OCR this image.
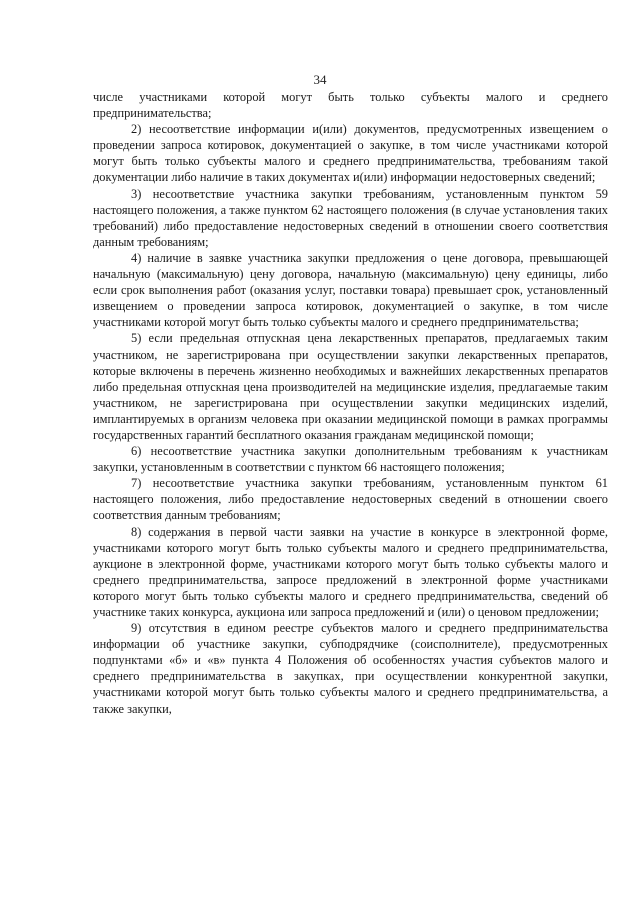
34

числе участниками которой могут быть только субъекты малого и среднего предпринимательства;

2) несоответствие информации и(или) документов, предусмотренных извещением о проведении запроса котировок, документацией о закупке, в том числе участниками которой могут быть только субъекты малого и среднего предпринимательства, требованиям такой документации либо наличие в таких документах и(или) информации недостоверных сведений;

3) несоответствие участника закупки требованиям, установленным пунктом 59 настоящего положения, а также пунктом 62 настоящего положения (в случае установления таких требований) либо предоставление недостоверных сведений в отношении своего соответствия данным требованиям;

4) наличие в заявке участника закупки предложения о цене договора, превышающей начальную (максимальную) цену договора, начальную (максимальную) цену единицы, либо если срок выполнения работ (оказания услуг, поставки товара) превышает срок, установленный извещением о проведении запроса котировок, документацией о закупке, в том числе участниками которой могут быть только субъекты малого и среднего предпринимательства;

5) если предельная отпускная цена лекарственных препаратов, предлагаемых таким участником, не зарегистрирована при осуществлении закупки лекарственных препаратов, которые включены в перечень жизненно необходимых и важнейших лекарственных препаратов либо предельная отпускная цена производителей на медицинские изделия, предлагаемые таким участником, не зарегистрирована при осуществлении закупки медицинских изделий, имплантируемых в организм человека при оказании медицинской помощи в рамках программы государственных гарантий бесплатного оказания гражданам медицинской помощи;

6) несоответствие участника закупки дополнительным требованиям к участникам закупки, установленным в соответствии с пунктом 66 настоящего положения;

7) несоответствие участника закупки требованиям, установленным пунктом 61 настоящего положения, либо предоставление недостоверных сведений в отношении своего соответствия данным требованиям;

8) содержания в первой части заявки на участие в конкурсе в электронной форме, участниками которого могут быть только субъекты малого и среднего предпринимательства, аукционе в электронной форме, участниками которого могут быть только субъекты малого и среднего предпринимательства, запросе предложений в электронной форме участниками которого могут быть только субъекты малого и среднего предпринимательства, сведений об участнике таких конкурса, аукциона или запроса предложений и (или) о ценовом предложении;

9) отсутствия в едином реестре субъектов малого и среднего предпринимательства информации об участнике закупки, субподрядчике (соисполнителе), предусмотренных подпунктами «б» и «в» пункта 4 Положения об особенностях участия субъектов малого и среднего предпринимательства в закупках, при осуществлении конкурентной закупки, участниками которой могут быть только субъекты малого и среднего предпринимательства, а также закупки,
